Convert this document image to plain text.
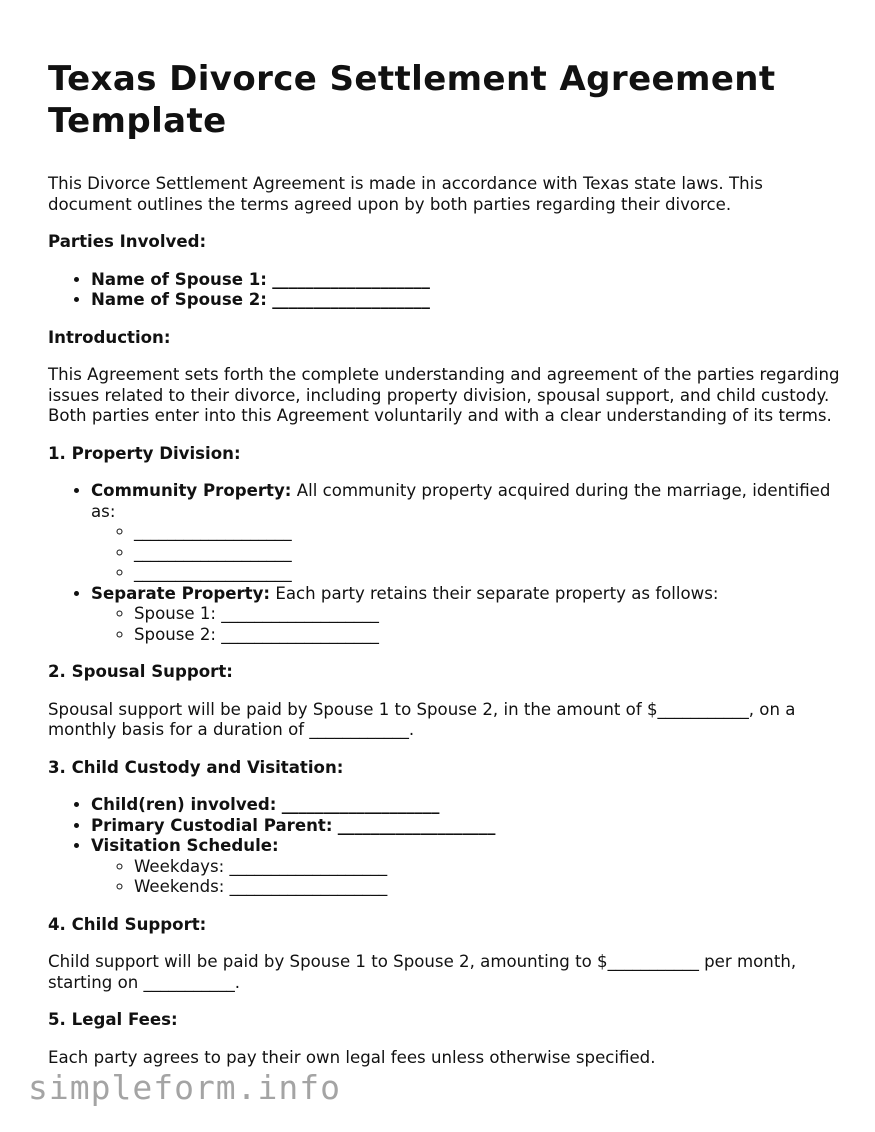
Texas Divorce Settlement Agreement Template

This Divorce Settlement Agreement is made in accordance with Texas state laws. This document outlines the terms agreed upon by both parties regarding their divorce.

Parties Involved:
• Name of Spouse 1: ___________________
• Name of Spouse 2: ___________________
Introduction:

This Agreement sets forth the complete understanding and agreement of the parties regarding issues related to their divorce, including property division, spousal support, and child custody. Both parties enter into this Agreement voluntarily and with a clear understanding of its terms.

1. Property Division:
• Community Property: All community property acquired during the marriage, identified as:
◦ ___________________
◦ ___________________
◦ ___________________
• Separate Property: Each party retains their separate property as follows:
◦ Spouse 1: ___________________
◦ Spouse 2: ___________________
2. Spousal Support:

Spousal support will be paid by Spouse 1 to Spouse 2, in the amount of $___________, on a monthly basis for a duration of ____________.

3. Child Custody and Visitation:
• Child(ren) involved: ___________________
• Primary Custodial Parent: ___________________
• Visitation Schedule:
◦ Weekdays: ___________________
◦ Weekends: ___________________
4. Child Support:

Child support will be paid by Spouse 1 to Spouse 2, amounting to $___________ per month, starting on ___________.

5. Legal Fees:

Each party agrees to pay their own legal fees unless otherwise specified.

simpleform.info
